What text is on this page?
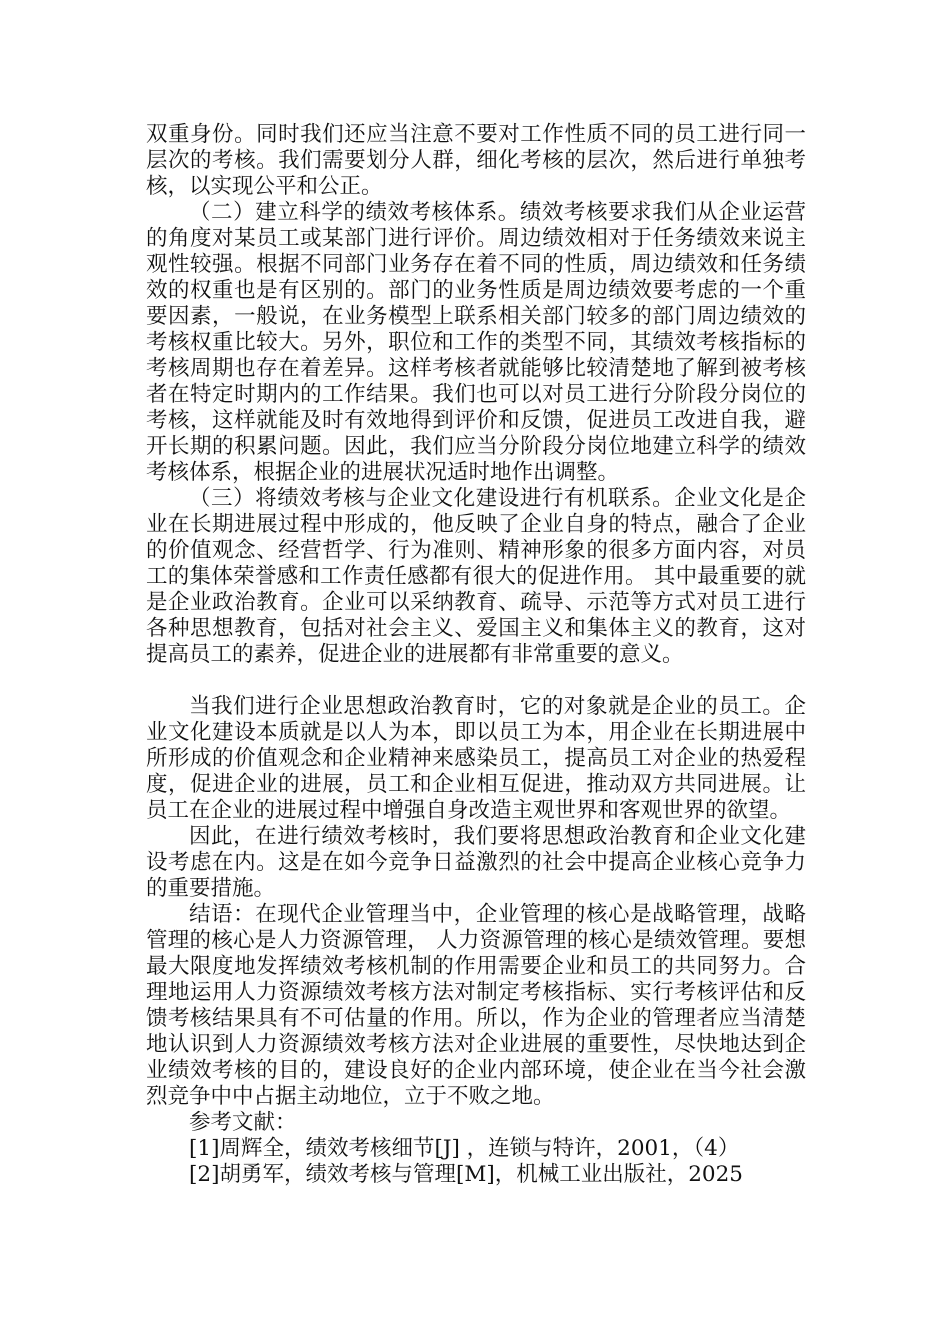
双重身份。同时我们还应当注意不要对工作性质不同的员工进行同一层次的考核。我们需要划分人群，细化考核的层次，然后进行单独考核，以实现公平和公正。

（二）建立科学的绩效考核体系。绩效考核要求我们从企业运营的角度对某员工或某部门进行评价。周边绩效相对于任务绩效来说主观性较强。根据不同部门业务存在着不同的性质，周边绩效和任务绩效的权重也是有区别的。部门的业务性质是周边绩效要考虑的一个重要因素，一般说，在业务模型上联系相关部门较多的部门周边绩效的考核权重比较大。另外，职位和工作的类型不同，其绩效考核指标的考核周期也存在着差异。这样考核者就能够比较清楚地了解到被考核者在特定时期内的工作结果。我们也可以对员工进行分阶段分岗位的考核，这样就能及时有效地得到评价和反馈，促进员工改进自我，避开长期的积累问题。因此，我们应当分阶段分岗位地建立科学的绩效考核体系，根据企业的进展状况适时地作出调整。

（三）将绩效考核与企业文化建设进行有机联系。企业文化是企业在长期进展过程中形成的，他反映了企业自身的特点，融合了企业的价值观念、经营哲学、行为准则、精神形象的很多方面内容，对员工的集体荣誉感和工作责任感都有很大的促进作用。 其中最重要的就是企业政治教育。企业可以采纳教育、疏导、示范等方式对员工进行各种思想教育，包括对社会主义、爱国主义和集体主义的教育，这对提高员工的素养，促进企业的进展都有非常重要的意义。

当我们进行企业思想政治教育时，它的对象就是企业的员工。企业文化建设本质就是以人为本，即以员工为本，用企业在长期进展中所形成的价值观念和企业精神来感染员工，提高员工对企业的热爱程度，促进企业的进展，员工和企业相互促进，推动双方共同进展。让员工在企业的进展过程中增强自身改造主观世界和客观世界的欲望。

因此，在进行绩效考核时，我们要将思想政治教育和企业文化建设考虑在内。这是在如今竞争日益激烈的社会中提高企业核心竞争力的重要措施。

结语：在现代企业管理当中，企业管理的核心是战略管理，战略管理的核心是人力资源管理， 人力资源管理的核心是绩效管理。要想最大限度地发挥绩效考核机制的作用需要企业和员工的共同努力。合理地运用人力资源绩效考核方法对制定考核指标、实行考核评估和反馈考核结果具有不可估量的作用。所以，作为企业的管理者应当清楚地认识到人力资源绩效考核方法对企业进展的重要性，尽快地达到企业绩效考核的目的，建设良好的企业内部环境，使企业在当今社会激烈竞争中中占据主动地位，立于不败之地。

参考文献：

[1]周辉全，绩效考核细节[J] ，连锁与特许，2001，（4）

[2]胡勇军，绩效考核与管理[M]，机械工业出版社，2025
